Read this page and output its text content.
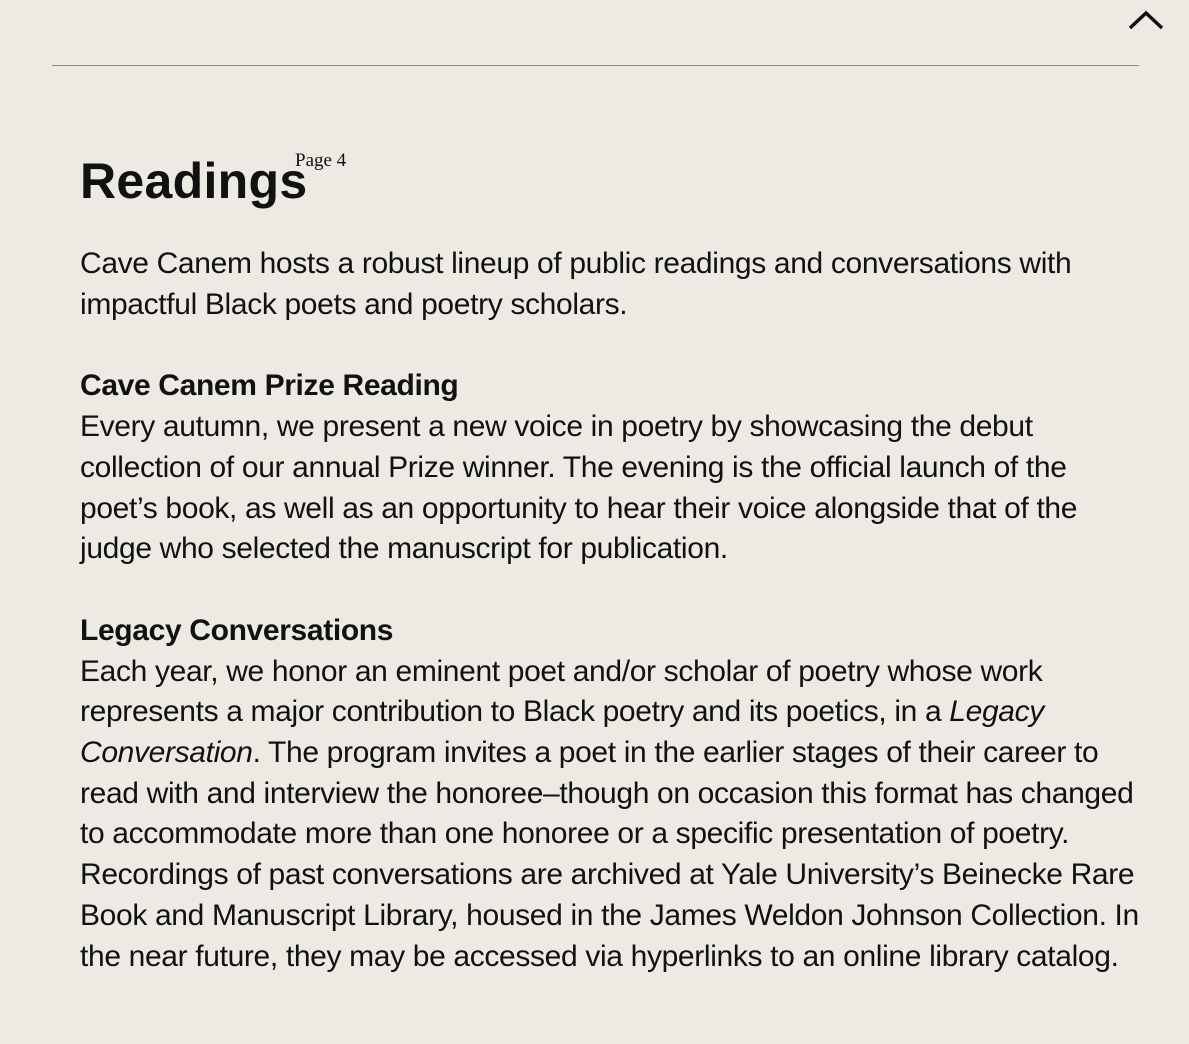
Readings
Page 4

Cave Canem hosts a robust lineup of public readings and conversations with impactful Black poets and poetry scholars.

Cave Canem Prize Reading

Every autumn, we present a new voice in poetry by showcasing the debut collection of our annual Prize winner. The evening is the official launch of the poet’s book, as well as an opportunity to hear their voice alongside that of the judge who selected the manuscript for publication.

Legacy Conversations

Each year, we honor an eminent poet and/or scholar of poetry whose work represents a major contribution to Black poetry and its poetics, in a Legacy Conversation. The program invites a poet in the earlier stages of their career to read with and interview the honoree–though on occasion this format has changed to accommodate more than one honoree or a specific presentation of poetry. Recordings of past conversations are archived at Yale University’s Beinecke Rare Book and Manuscript Library, housed in the James Weldon Johnson Collection. In the near future, they may be accessed via hyperlinks to an online library catalog.
